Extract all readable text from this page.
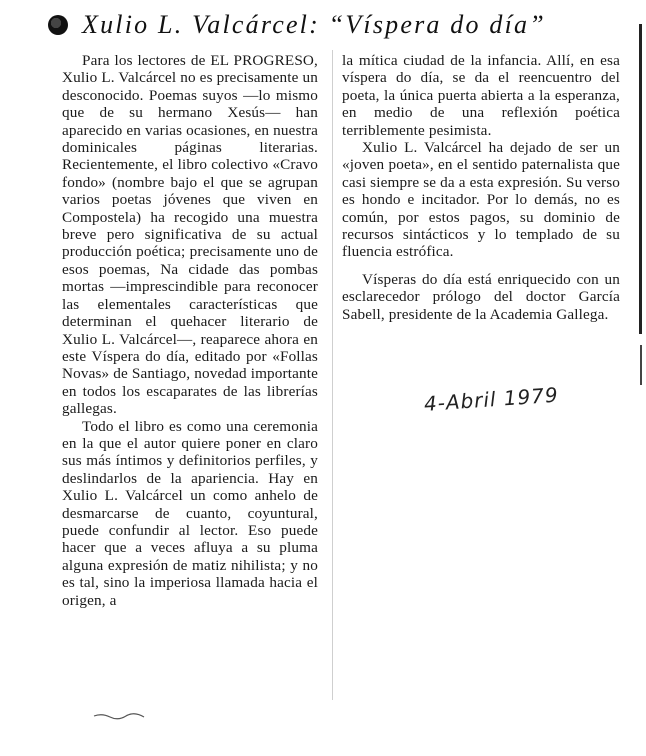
Xulio L. Valcárcel: “Víspera do día”

Para los lectores de EL PROGRESO, Xulio L. Valcárcel no es precisamente un desconocido. Poemas suyos —lo mismo que de su hermano Xesús— han aparecido en varias ocasiones, en nuestra dominicales páginas literarias. Recientemente, el libro colectivo «Cravo fondo» (nombre bajo el que se agrupan varios poetas jóvenes que viven en Compostela) ha recogido una muestra breve pero significativa de su actual producción poética; precisamente uno de esos poemas, Na cidade das pombas mortas —imprescindible para reconocer las elementales características que determinan el quehacer literario de Xulio L. Valcárcel—, reaparece ahora en este Víspera do día, editado por «Follas Novas» de Santiago, novedad importante en todos los escaparates de las librerías gallegas.

Todo el libro es como una ceremonia en la que el autor quiere poner en claro sus más íntimos y definitorios perfiles, y deslindarlos de la apariencia. Hay en Xulio L. Valcárcel un como anhelo de desmarcarse de cuanto, coyuntural, puede confundir al lector. Eso puede hacer que a veces afluya a su pluma alguna expresión de matiz nihilista; y no es tal, sino la imperiosa llamada hacia el origen, a

la mítica ciudad de la infancia. Allí, en esa víspera do día, se da el reencuentro del poeta, la única puerta abierta a la esperanza, en medio de una reflexión poética terriblemente pesimista.

Xulio L. Valcárcel ha dejado de ser un «joven poeta», en el sentido paternalista que casi siempre se da a esta expresión. Su verso es hondo e incitador. Por lo demás, no es común, por estos pagos, su dominio de recursos sintácticos y lo templado de su fluencia estrófica.

Vísperas do día está enriquecido con un esclarecedor prólogo del doctor García Sabell, presidente de la Academia Gallega.

4-Abril 1979
